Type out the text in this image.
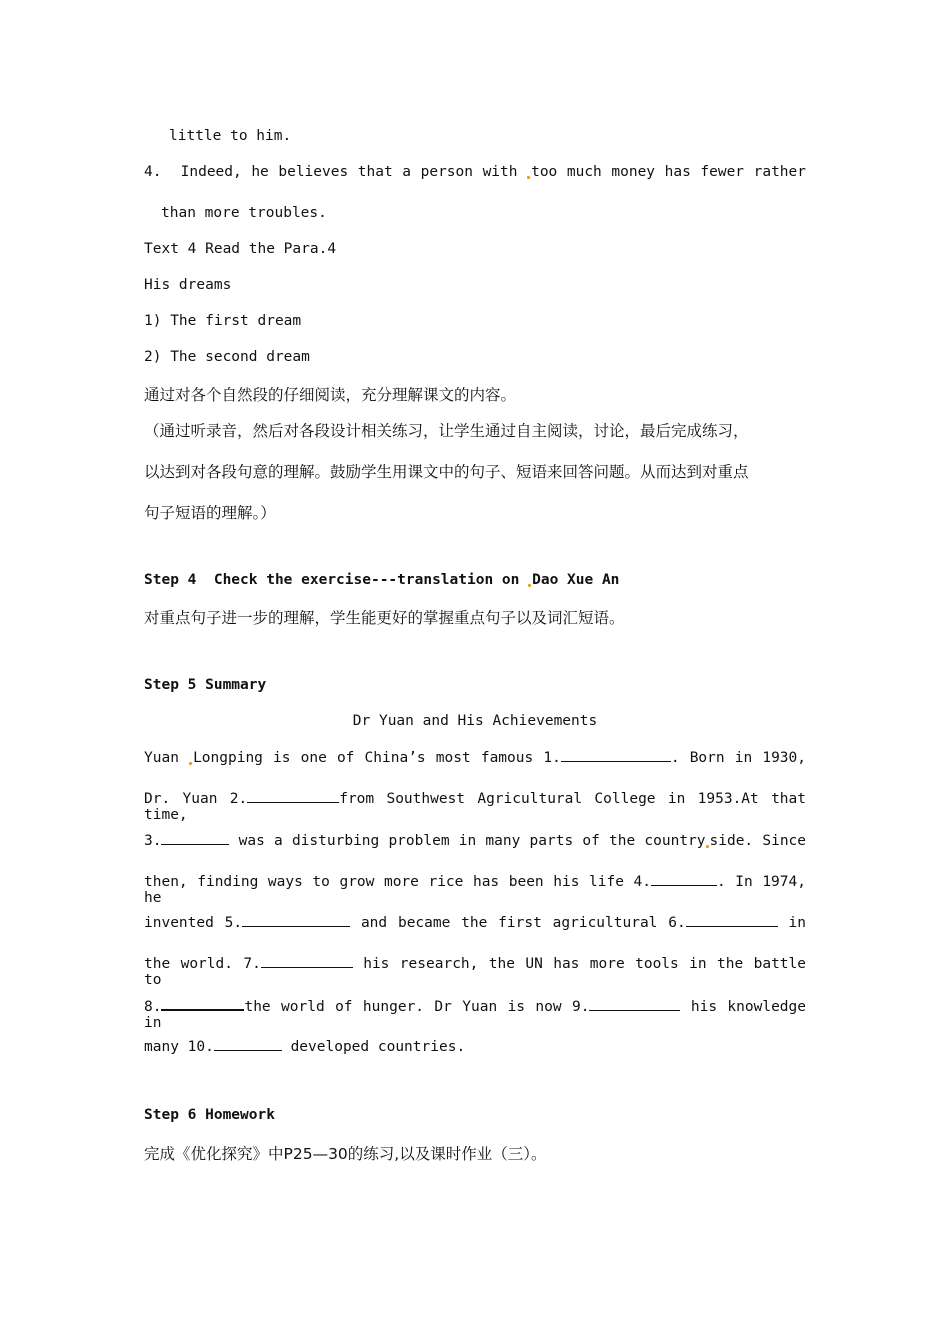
little to him.
4.  Indeed, he believes that a person with too much money has fewer rather
than more troubles.
Text 4 Read the Para.4
His dreams
1) The first dream
2) The second dream
通过对各个自然段的仔细阅读，充分理解课文的内容。
（通过听录音，然后对各段设计相关练习，让学生通过自主阅读，讨论，最后完成练习，
以达到对各段句意的理解。鼓励学生用课文中的句子、短语来回答问题。从而达到对重点
句子短语的理解。）
Step 4  Check the exercise---translation on Dao Xue An
对重点句子进一步的理解，学生能更好的掌握重点句子以及词汇短语。
Step 5 Summary
Dr Yuan and His Achievements
Yuan Longping is one of China’s most famous 1.	. Born in 1930,
Dr. Yuan 2.	from Southwest Agricultural College in 1953.At that time,
3.	was a disturbing problem in many parts of the country side. Since
then, finding ways to grow more rice has been his life 4.	. In 1974, he
invented 5.	and became the first agricultural 6.	in
the world. 7.	his research, the UN has more tools in the battle to
8.	the world of hunger. Dr Yuan is now 9.	his knowledge in
many 10.	developed countries.
Step 6 Homework
完成《优化探究》中P25—30的练习,以及课时作业（三）。
